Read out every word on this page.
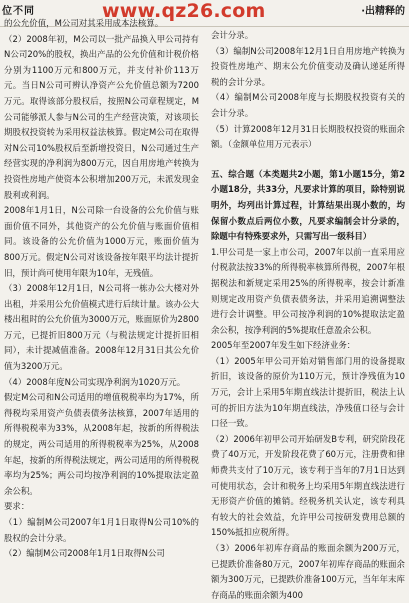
位不同	www.qz26.com	·出精释的

的公允价值，M公司对其采用成本法核算。

（2）2008年初，M公司以一批产品换入甲公司持有N公司20%的股权，换出产品的公允价值和计税价格分别为1100万元和800万元，并支付补价113万元。当日N公司可辨认净资产公允价值总额为7200万元。取得该部分股权后，按照N公司章程规定，M公司能够派人参与N公司的生产经营决策，对该项长期股权投资转为采用权益法核算。假定M公司在取得对N公司10%股权后至新增投资日，N公司通过生产经营实现的净利润为800万元，因自用房地产转换为投资性房地产使资本公积增加200万元，未派发现金股利或利润。

2008年1月1日，N公司除一台设备的公允价值与账面价值不同外，其他资产的公允价值与账面价值相同。该设备的公允价值为1000万元，账面价值为800万元。假定N公司对该设备按年限平均法计提折旧，预计尚可使用年限为10年，无残值。

（3）2008年12月1日，N公司将一栋办公大楼对外出租，并采用公允价值模式进行后续计量。该办公大楼出租时的公允价值为3000万元，账面原价为2800万元，已提折旧800万元（与税法规定计提折旧相同），未计提减值准备。2008年12月31日其公允价值为3200万元。

（4）2008年度N公司实现净利润为1020万元。

假定M公司和N公司适用的增值税税率均为17%，所得税均采用资产负债表债务法核算，2007年适用的所得税税率为33%，从2008年起，按新的所得税法的规定，两公司适用的所得税税率为25%，从2008年起，按新的所得税法规定，两公司适用的所得税税率均为25%；两公司均按净利润的10%提取法定盈余公积。

要求：

（1）编制M公司2007年1月1日取得N公司10%的股权的会计分录。

（2）编制M公司2008年1月1日取得N公司

会计分录。

（3）编制N公司2008年12月1日自用房地产转换为投资性房地产、期末公允价值变动及确认递延所得税的会计分录。

（4）编制M公司2008年度与长期股权投资有关的会计分录。

（5）计算2008年12月31日长期股权投资的账面余额。（金额单位用万元表示）

五、综合题（本类题共2小题，第1小题15分，第2小题18分，共33分，凡要求计算的项目，除特别说明外，均列出计算过程，计算结果出现小数的，均保留小数点后两位小数，凡要求编制会计分录的，除题中有特殊要求外，只需写出一级科目）

1.甲公司是一家上市公司，2007年以前一直采用应付税款法按33%的所得税率核算所得税，2007年根据税法和新规定采用25%的所得税率，按会计新准则规定改用资产负债表债务法，并采用追溯调整法进行会计调整。甲公司按净利润的10%提取法定盈余公积，按净利润的5%提取任意盈余公积。

2005年至2007年发生如下经济业务：

（1）2005年甲公司开始对销售部门用的设备提取折旧，该设备的原价为110万元，预计净残值为10万元，会计上采用5年期直线法计提折旧，税法上认可的折旧方法为10年期直线法，净残值口径与会计口径一致。

（2）2006年初甲公司开始研发B专利，研究阶段花费了40万元，开发阶段花费了60万元，注册费和律师费共支付了10万元，该专利于当年的7月1日达到可使用状态，会计和税务上均采用5年期直线法进行无形资产价值的摊销。经税务机关认定，该专利具有较大的社会效益，允许甲公司按研发费用总额的150%抵扣应税所得。

（3）2006年初库存商品的账面余额为200万元，已提跌价准备80万元，2007年初库存商品的账面余额为300万元，已提跌价准备100万元，当年年末库存商品的账面余额为400
